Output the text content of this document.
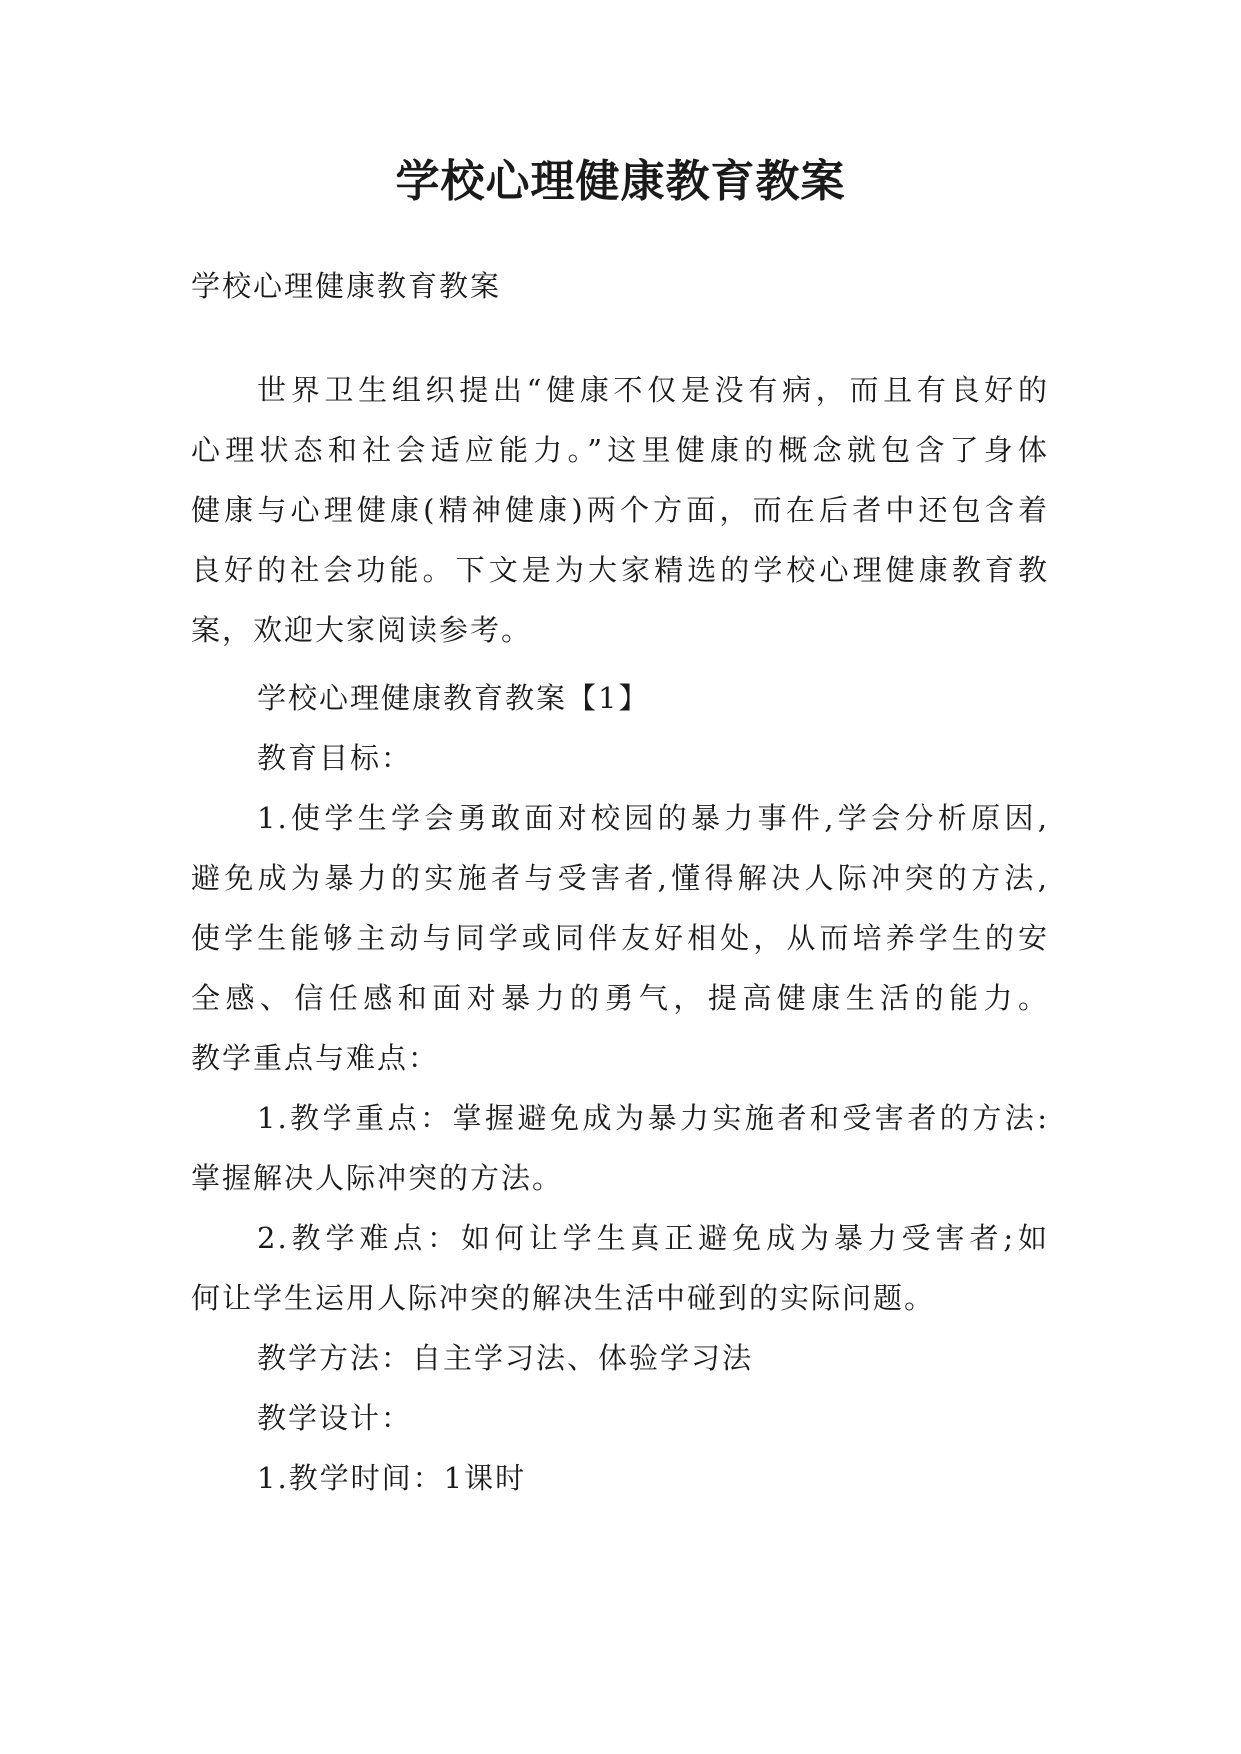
学校心理健康教育教案

学校心理健康教育教案

世界卫生组织提出“健康不仅是没有病，而且有良好的

心理状态和社会适应能力。”这里健康的概念就包含了身体

健康与心理健康(精神健康)两个方面，而在后者中还包含着

良好的社会功能。下文是为大家精选的学校心理健康教育教

案，欢迎大家阅读参考。

学校心理健康教育教案【1】

教育目标：

1.使学生学会勇敢面对校园的暴力事件,学会分析原因,

避免成为暴力的实施者与受害者,懂得解决人际冲突的方法,

使学生能够主动与同学或同伴友好相处，从而培养学生的安

全感、信任感和面对暴力的勇气，提高健康生活的能力。

教学重点与难点：

1.教学重点：掌握避免成为暴力实施者和受害者的方法:

掌握解决人际冲突的方法。

2.教学难点：如何让学生真正避免成为暴力受害者;如

何让学生运用人际冲突的解决生活中碰到的实际问题。

教学方法：自主学习法、体验学习法

教学设计：

1.教学时间：1课时
